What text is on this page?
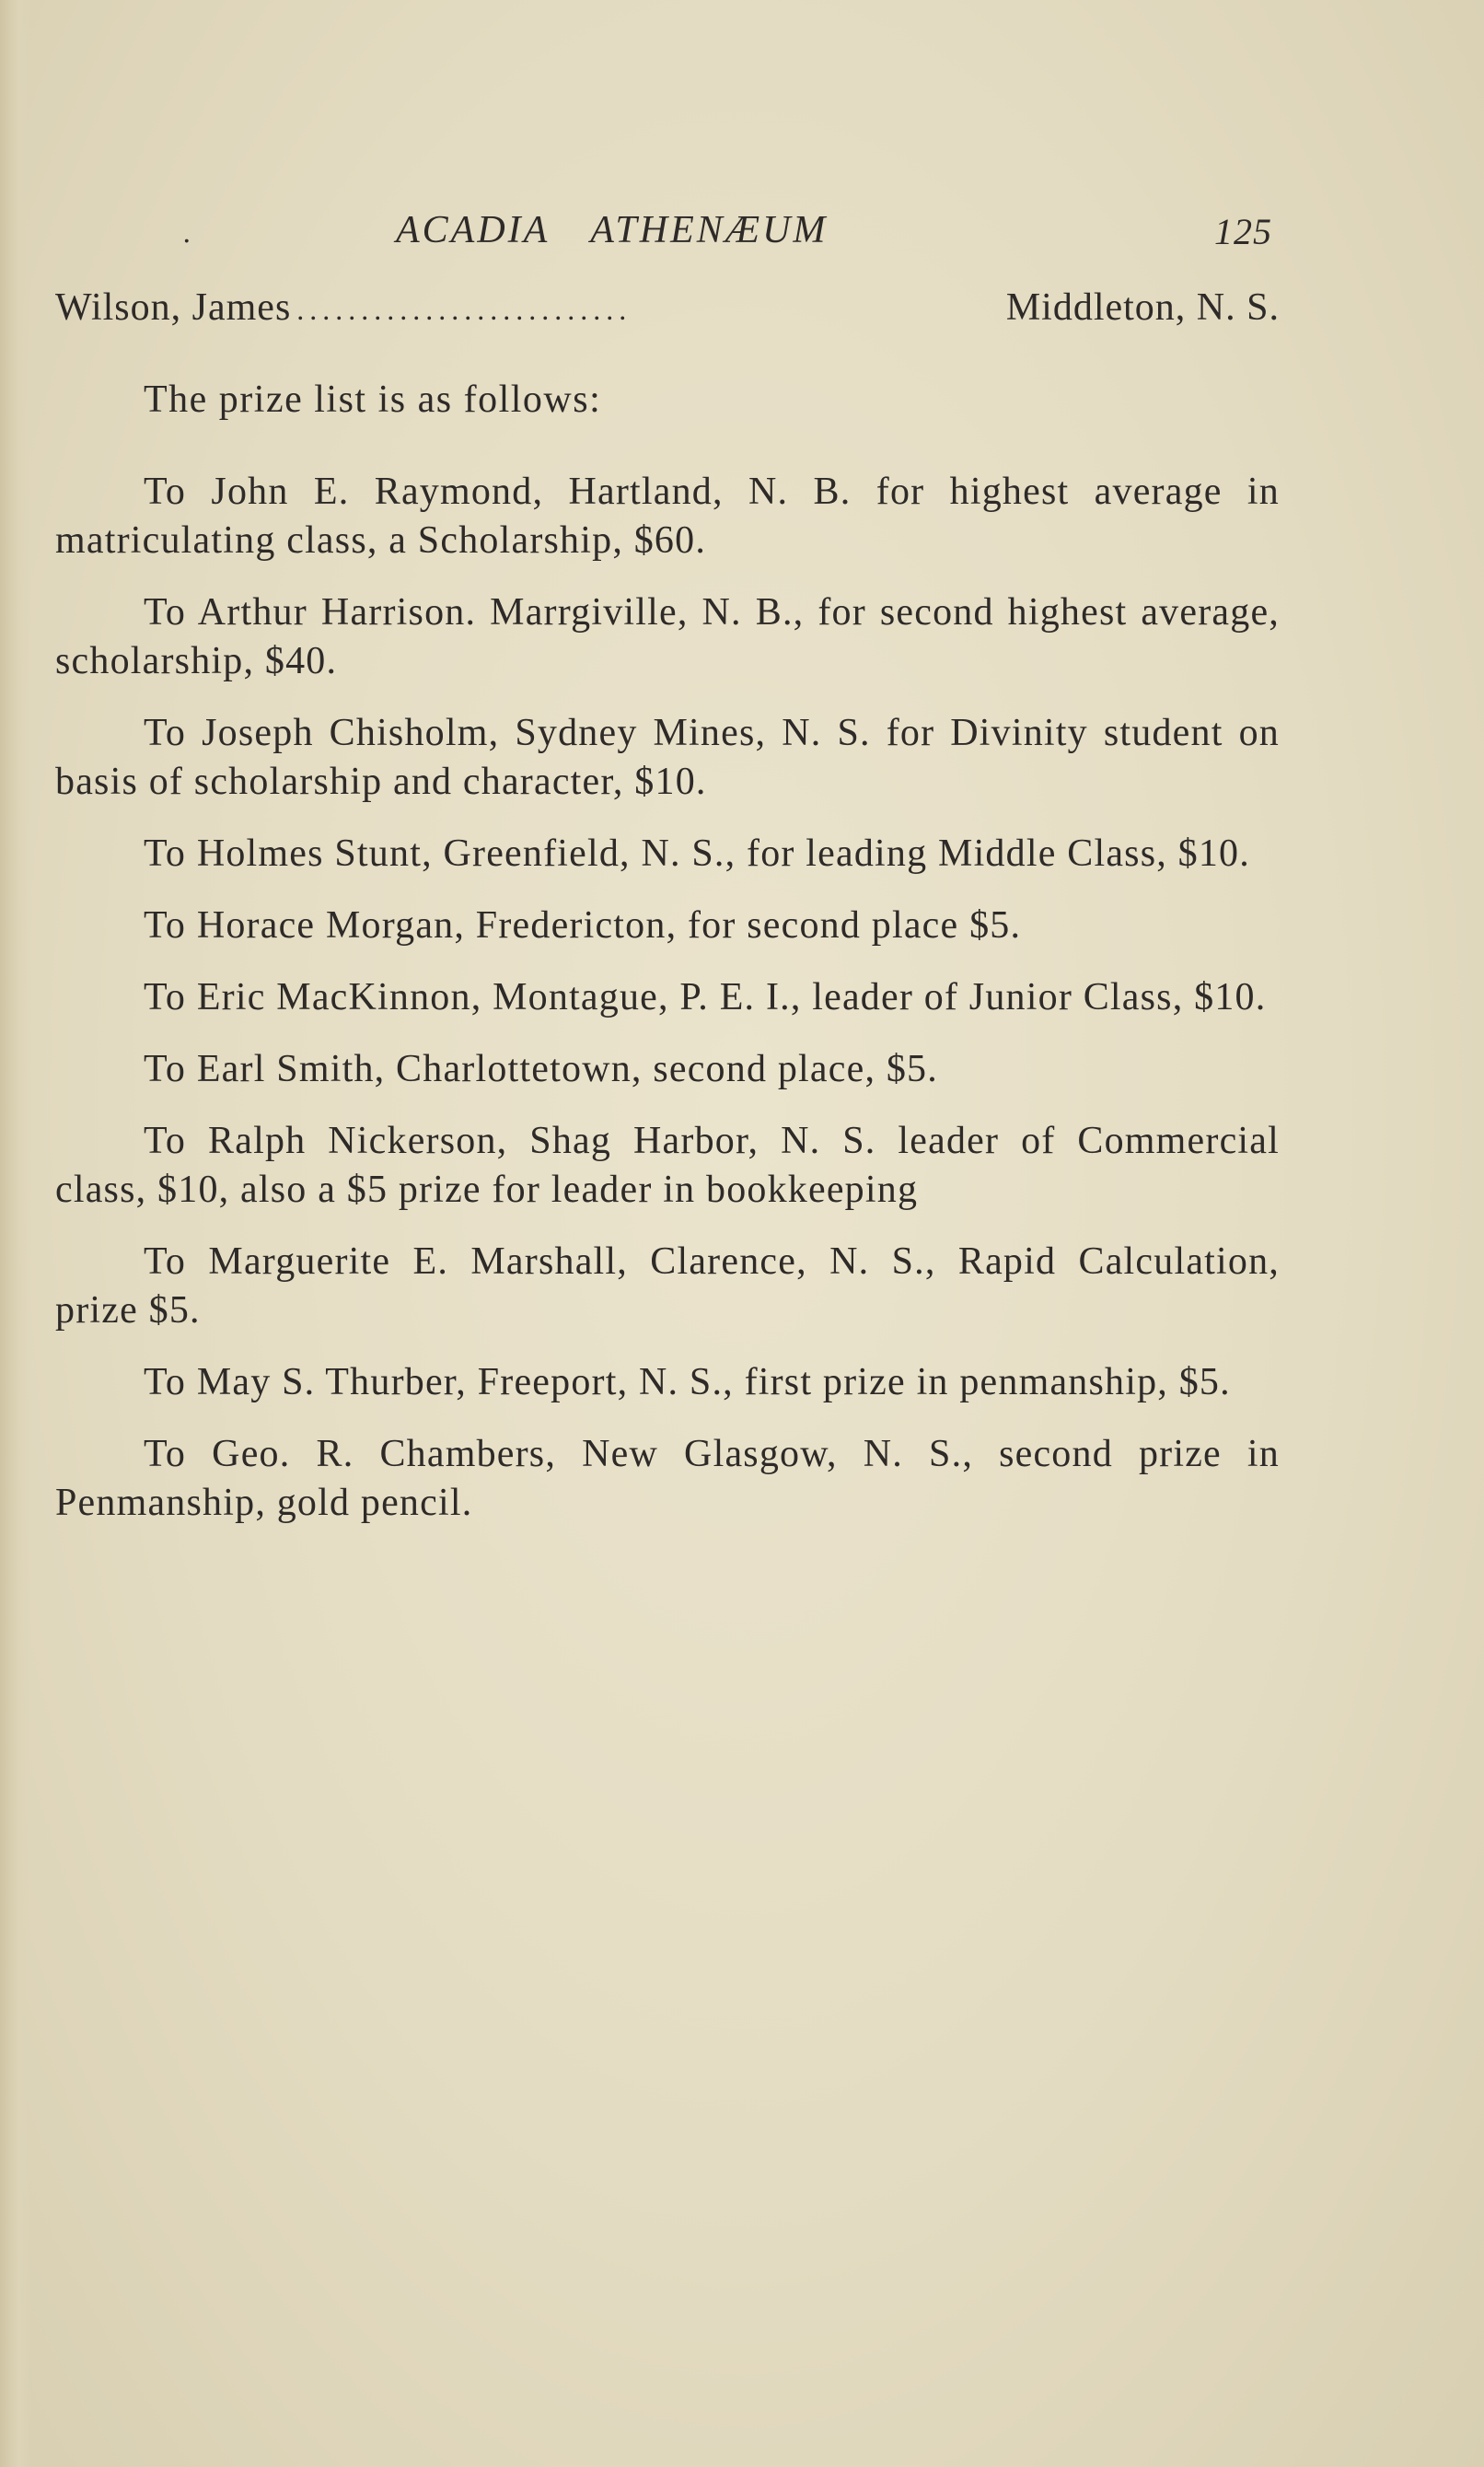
.	ACADIA ATHENÆUM	125
Wilson, James ..........................	Middleton, N. S.

The prize list is as follows:

To John E. Raymond, Hartland, N. B. for highest average in matriculating class, a Scholarship, $60.

To Arthur Harrison. Marrgiville, N. B., for second highest average, scholarship, $40.

To Joseph Chisholm, Sydney Mines, N. S. for Divinity student on basis of scholarship and character, $10.

To Holmes Stunt, Greenfield, N. S., for leading Middle Class, $10.

To Horace Morgan, Fredericton, for second place $5.

To Eric MacKinnon, Montague, P. E. I., leader of Junior Class, $10.

To Earl Smith, Charlottetown, second place, $5.

To Ralph Nickerson, Shag Harbor, N. S. leader of Commercial class, $10, also a $5 prize for leader in bookkeeping

To Marguerite E. Marshall, Clarence, N. S., Rapid Calculation, prize $5.

To May S. Thurber, Freeport, N. S., first prize in penmanship, $5.

To Geo. R. Chambers, New Glasgow, N. S., second prize in Penmanship, gold pencil.
